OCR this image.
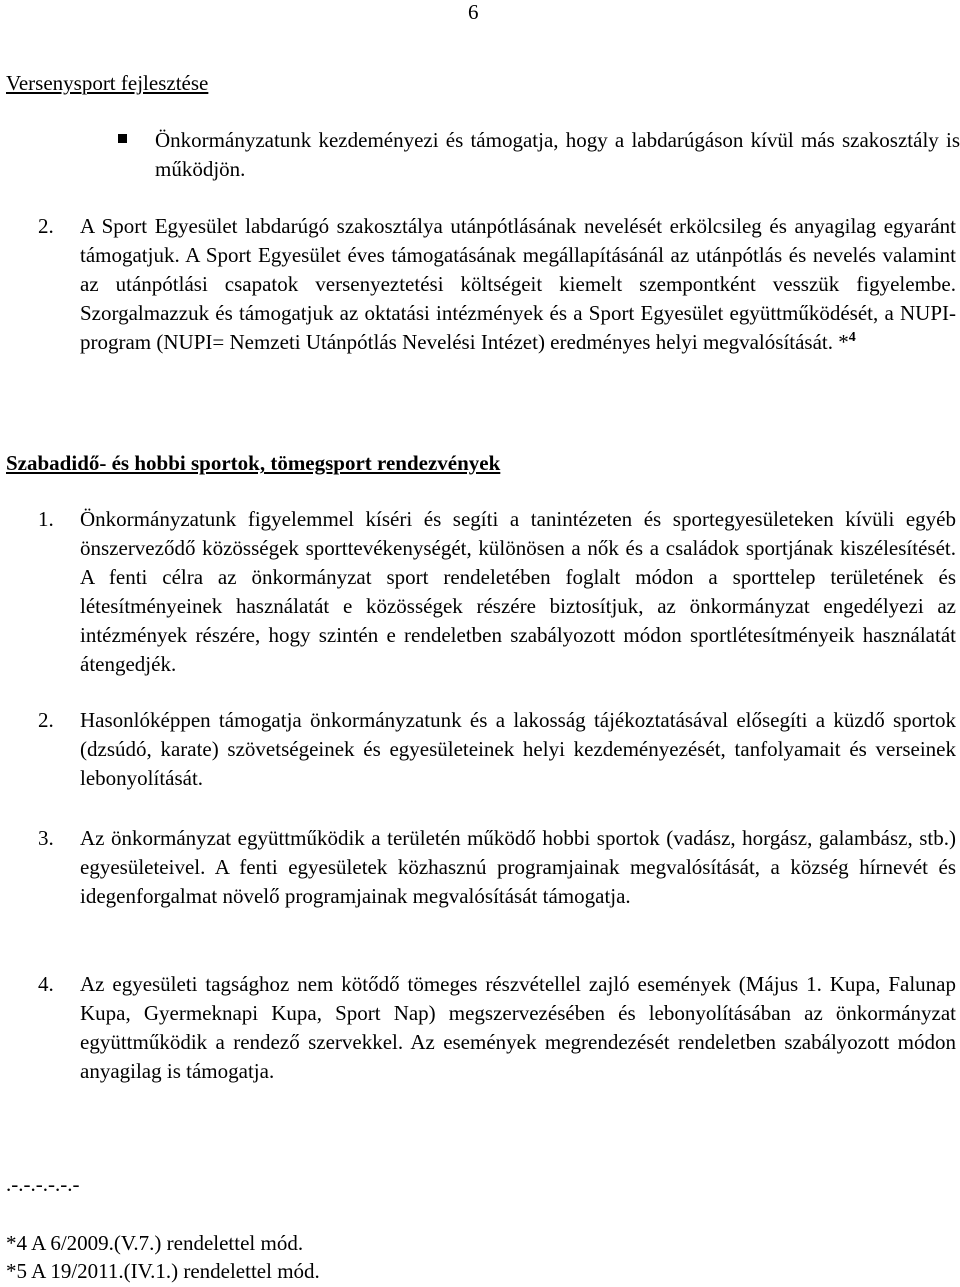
6
Versenysport fejlesztése
Önkormányzatunk kezdeményezi és támogatja, hogy a labdarúgáson kívül más szakosztály is működjön.
2.	A Sport Egyesület labdarúgó szakosztálya utánpótlásának nevelését erkölcsileg és anyagilag egyaránt támogatjuk. A Sport Egyesület éves támogatásának megállapításánál az utánpótlás és nevelés valamint az utánpótlási csapatok versenyeztetési költségeit kiemelt szempontként vesszük figyelembe. Szorgalmazzuk és támogatjuk az oktatási intézmények és a Sport Egyesület együttműködését, a NUPI-program (NUPI= Nemzeti Utánpótlás Nevelési Intézet) eredményes helyi megvalósítását. *$^4$
Szabadidő- és hobbi sportok, tömegsport rendezvények
1.	Önkormányzatunk figyelemmel kíséri és segíti a tanintézeten és sportegyesületeken kívüli egyéb önszerveződő közösségek sporttevékenységét, különösen a nők és a családok sportjának kiszélesítését. A fenti célra az önkormányzat sport rendeletében foglalt módon a sporttelep területének és létesítményeinek használatát e közösségek részére biztosítjuk, az önkormányzat engedélyezi az intézmények részére, hogy szintén e rendeletben szabályozott módon sportlétesítményeik használatát átengedjék.
2.	Hasonlóképpen támogatja önkormányzatunk és a lakosság tájékoztatásával elősegíti a küzdő sportok (dzsúdó, karate) szövetségeinek és egyesületeinek helyi kezdeményezését, tanfolyamait és verseinek lebonyolítását.
3.	Az önkormányzat együttműködik a területén működő hobbi sportok (vadász, horgász, galambász, stb.) egyesületeivel. A fenti egyesületek közhasznú programjainak megvalósítását, a község hírnevét és idegenforgalmat növelő programjainak megvalósítását támogatja.
4.	Az egyesületi tagsághoz nem kötődő tömeges részvétellel zajló események (Május 1. Kupa, Falunap Kupa, Gyermeknapi Kupa, Sport Nap) megszervezésében és lebonyolításában az önkormányzat együttműködik a rendező szervekkel. Az események megrendezését rendeletben szabályozott módon anyagilag is támogatja.
.-.-.-.-.-.-
*4 A 6/2009.(V.7.) rendelettel mód.
*5 A 19/2011.(IV.1.) rendelettel mód.
